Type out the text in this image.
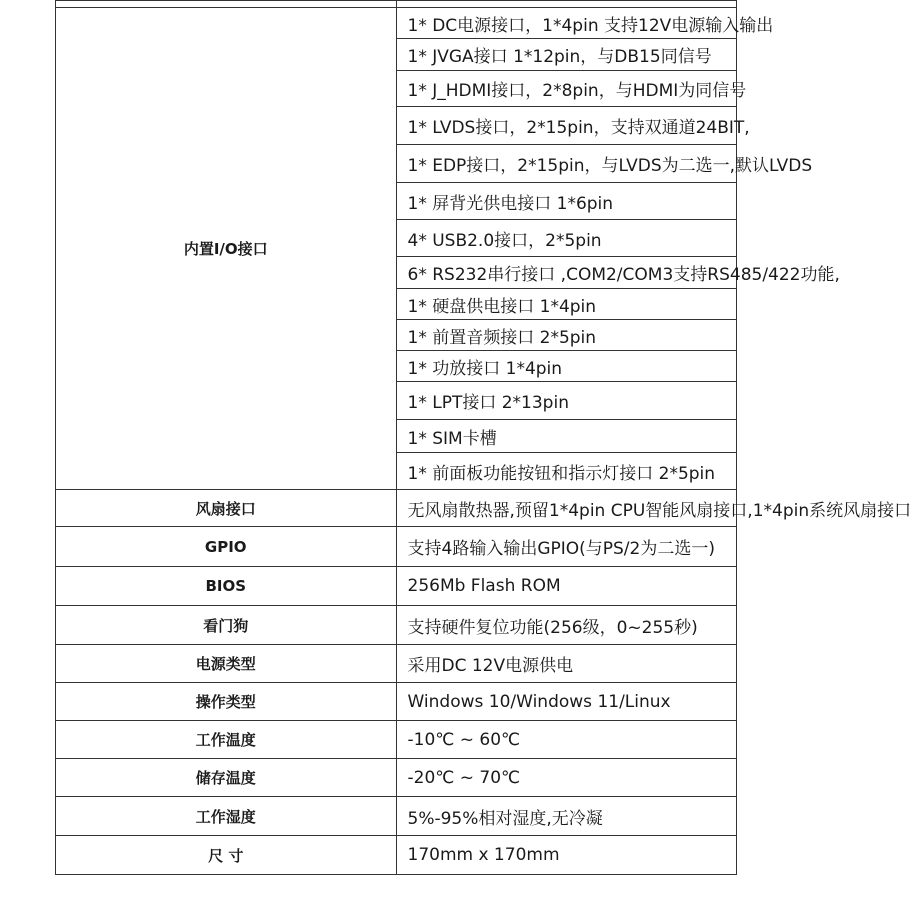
内置I/O接口	1* DC电源接口，1*4pin 支持12V电源输入输出
	1* JVGA接口 1*12pin，与DB15同信号
	1* J_HDMI接口，2*8pin，与HDMI为同信号
	1* LVDS接口，2*15pin，支持双通道24BIT,
	1* EDP接口，2*15pin，与LVDS为二选一,默认LVDS
	1* 屏背光供电接口 1*6pin
	4* USB2.0接口，2*5pin
	6* RS232串行接口 ,COM2/COM3支持RS485/422功能,
	1* 硬盘供电接口 1*4pin
	1* 前置音频接口 2*5pin
	1* 功放接口 1*4pin
	1* LPT接口 2*13pin
	1* SIM卡槽
	1* 前面板功能按钮和指示灯接口 2*5pin
风扇接口	无风扇散热器,预留1*4pin CPU智能风扇接口,1*4pin系统风扇接口
GPIO	支持4路输入输出GPIO(与PS/2为二选一)
BIOS	256Mb Flash ROM
看门狗	支持硬件复位功能(256级，0~255秒)
电源类型	采用DC 12V电源供电
操作类型	Windows 10/Windows 11/Linux
工作温度	-10℃ ~ 60℃
储存温度	-20℃ ~ 70℃
工作湿度	5%-95%相对湿度,无冷凝
尺 寸	170mm x 170mm
